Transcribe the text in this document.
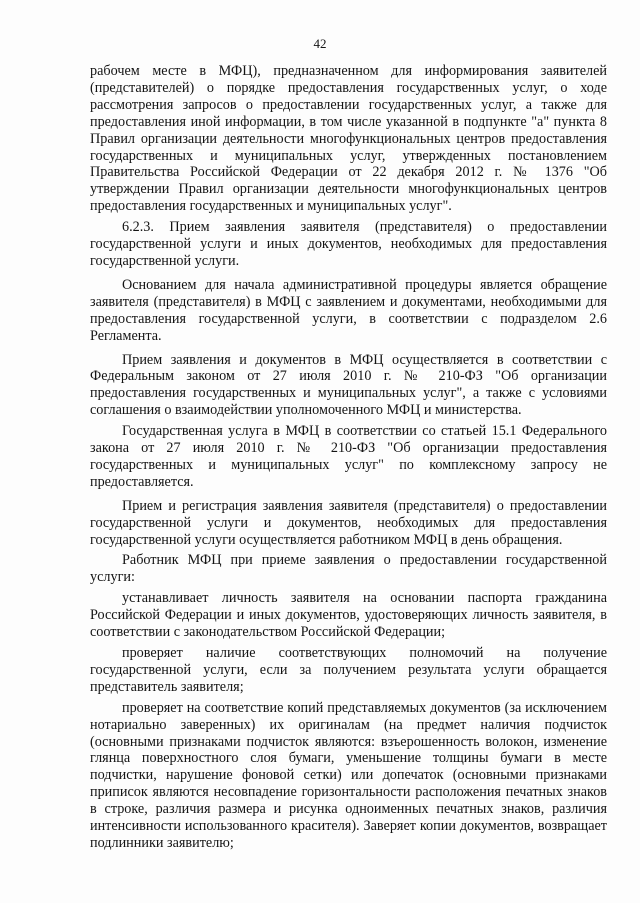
42

рабочем месте в МФЦ), предназначенном для информирования заявителей (представителей) о порядке предоставления государственных услуг, о ходе рассмотрения запросов о предоставлении государственных услуг, а также для предоставления иной информации, в том числе указанной в подпункте "а" пункта 8 Правил организации деятельности многофункциональных центров предоставления государственных и муниципальных услуг, утвержденных постановлением Правительства Российской Федерации от 22 декабря 2012 г. № 1376 "Об утверждении Правил организации деятельности многофункциональных центров предоставления государственных и муниципальных услуг".

6.2.3. Прием заявления заявителя (представителя) о предоставлении государственной услуги и иных документов, необходимых для предоставления государственной услуги.

Основанием для начала административной процедуры является обращение заявителя (представителя) в МФЦ с заявлением и документами, необходимыми для предоставления государственной услуги, в соответствии с подразделом 2.6 Регламента.

Прием заявления и документов в МФЦ осуществляется в соответствии с Федеральным законом от 27 июля 2010 г. № 210-ФЗ "Об организации предоставления государственных и муниципальных услуг", а также с условиями соглашения о взаимодействии уполномоченного МФЦ и министерства.

Государственная услуга в МФЦ в соответствии со статьей 15.1 Федерального закона от 27 июля 2010 г. № 210-ФЗ "Об организации предоставления государственных и муниципальных услуг" по комплексному запросу не предоставляется.

Прием и регистрация заявления заявителя (представителя) о предоставлении государственной услуги и документов, необходимых для предоставления государственной услуги осуществляется работником МФЦ в день обращения.

Работник МФЦ при приеме заявления о предоставлении государственной услуги:

устанавливает личность заявителя на основании паспорта гражданина Российской Федерации и иных документов, удостоверяющих личность заявителя, в соответствии с законодательством Российской Федерации;

проверяет наличие соответствующих полномочий на получение государственной услуги, если за получением результата услуги обращается представитель заявителя;

проверяет на соответствие копий представляемых документов (за исключением нотариально заверенных) их оригиналам (на предмет наличия подчисток (основными признаками подчисток являются: взъерошенность волокон, изменение глянца поверхностного слоя бумаги, уменьшение толщины бумаги в месте подчистки, нарушение фоновой сетки) или допечаток (основными признаками приписок являются несовпадение горизонтальности расположения печатных знаков в строке, различия размера и рисунка одноименных печатных знаков, различия интенсивности использованного красителя). Заверяет копии документов, возвращает подлинники заявителю;
